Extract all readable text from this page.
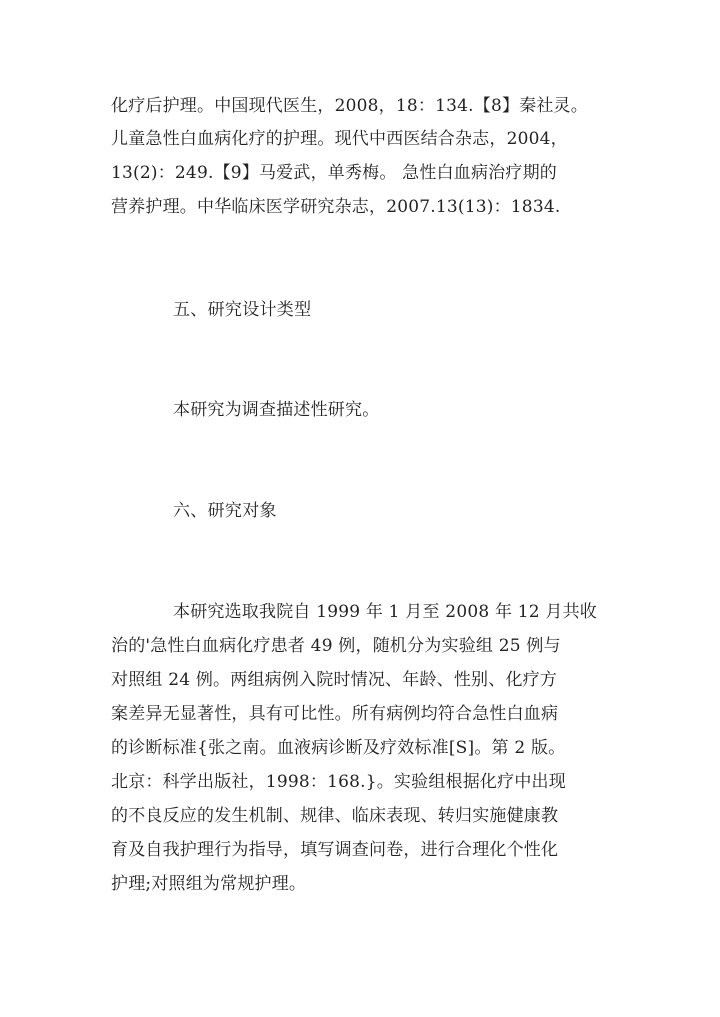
化疗后护理。中国现代医生，2008，18：134.【8】秦社灵。
儿童急性白血病化疗的护理。现代中西医结合杂志，2004，
13(2)：249.【9】马爱武，单秀梅。 急性白血病治疗期的
营养护理。中华临床医学研究杂志，2007.13(13)：1834.
五、研究设计类型
本研究为调查描述性研究。
六、研究对象
本研究选取我院自 1999 年 1 月至 2008 年 12 月共收
治的'急性白血病化疗患者 49 例，随机分为实验组 25 例与
对照组 24 例。两组病例入院时情况、年龄、性别、化疗方
案差异无显著性，具有可比性。所有病例均符合急性白血病
的诊断标准{张之南。血液病诊断及疗效标准[S]。第 2 版。
北京：科学出版社，1998：168.}。实验组根据化疗中出现
的不良反应的发生机制、规律、临床表现、转归实施健康教
育及自我护理行为指导，填写调查问卷，进行合理化个性化
护理;对照组为常规护理。
